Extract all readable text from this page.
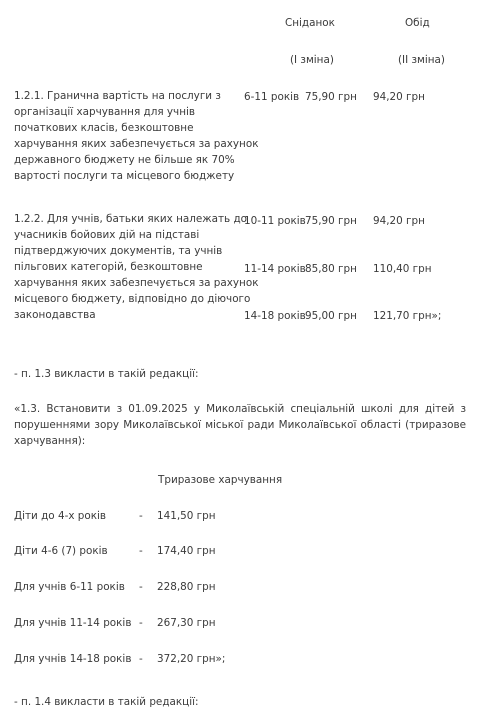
Сніданок	Обід
(І зміна)	(ІІ зміна)
1.2.1. Гранична вартість на послуги з
організації харчування для учнів
початкових класів, безкоштовне
харчування яких забезпечується за рахунок
державного бюджету не більше як 70%
вартості послуги та місцевого бюджету
6-11 років 75,90 грн 94,20 грн
1.2.2. Для учнів, батьки яких належать до
учасників бойових дій на підставі
підтверджуючих документів, та учнів
пільгових категорій, безкоштовне
харчування яких забезпечується за рахунок
місцевого бюджету, відповідно до діючого
законодавства
10-11 років 75,90 грн 94,20 грн
11-14 років 85,80 грн 110,40 грн
14-18 років 95,00 грн 121,70 грн»;
- п. 1.3 викласти в такій редакції:
«1.3. Встановити з 01.09.2025 у Миколаївській спеціальній школі для дітей з
порушеннями зору Миколаївської міської ради Миколаївської області (триразове
харчування):
Триразове харчування
Діти до 4-х років	- 141,50 грн
Діти 4-6 (7) років	- 174,40 грн
Для учнів 6-11 років - 228,80 грн
Для учнів 11-14 років - 267,30 грн
Для учнів 14-18 років - 372,20 грн»;
- п. 1.4 викласти в такій редакції:
